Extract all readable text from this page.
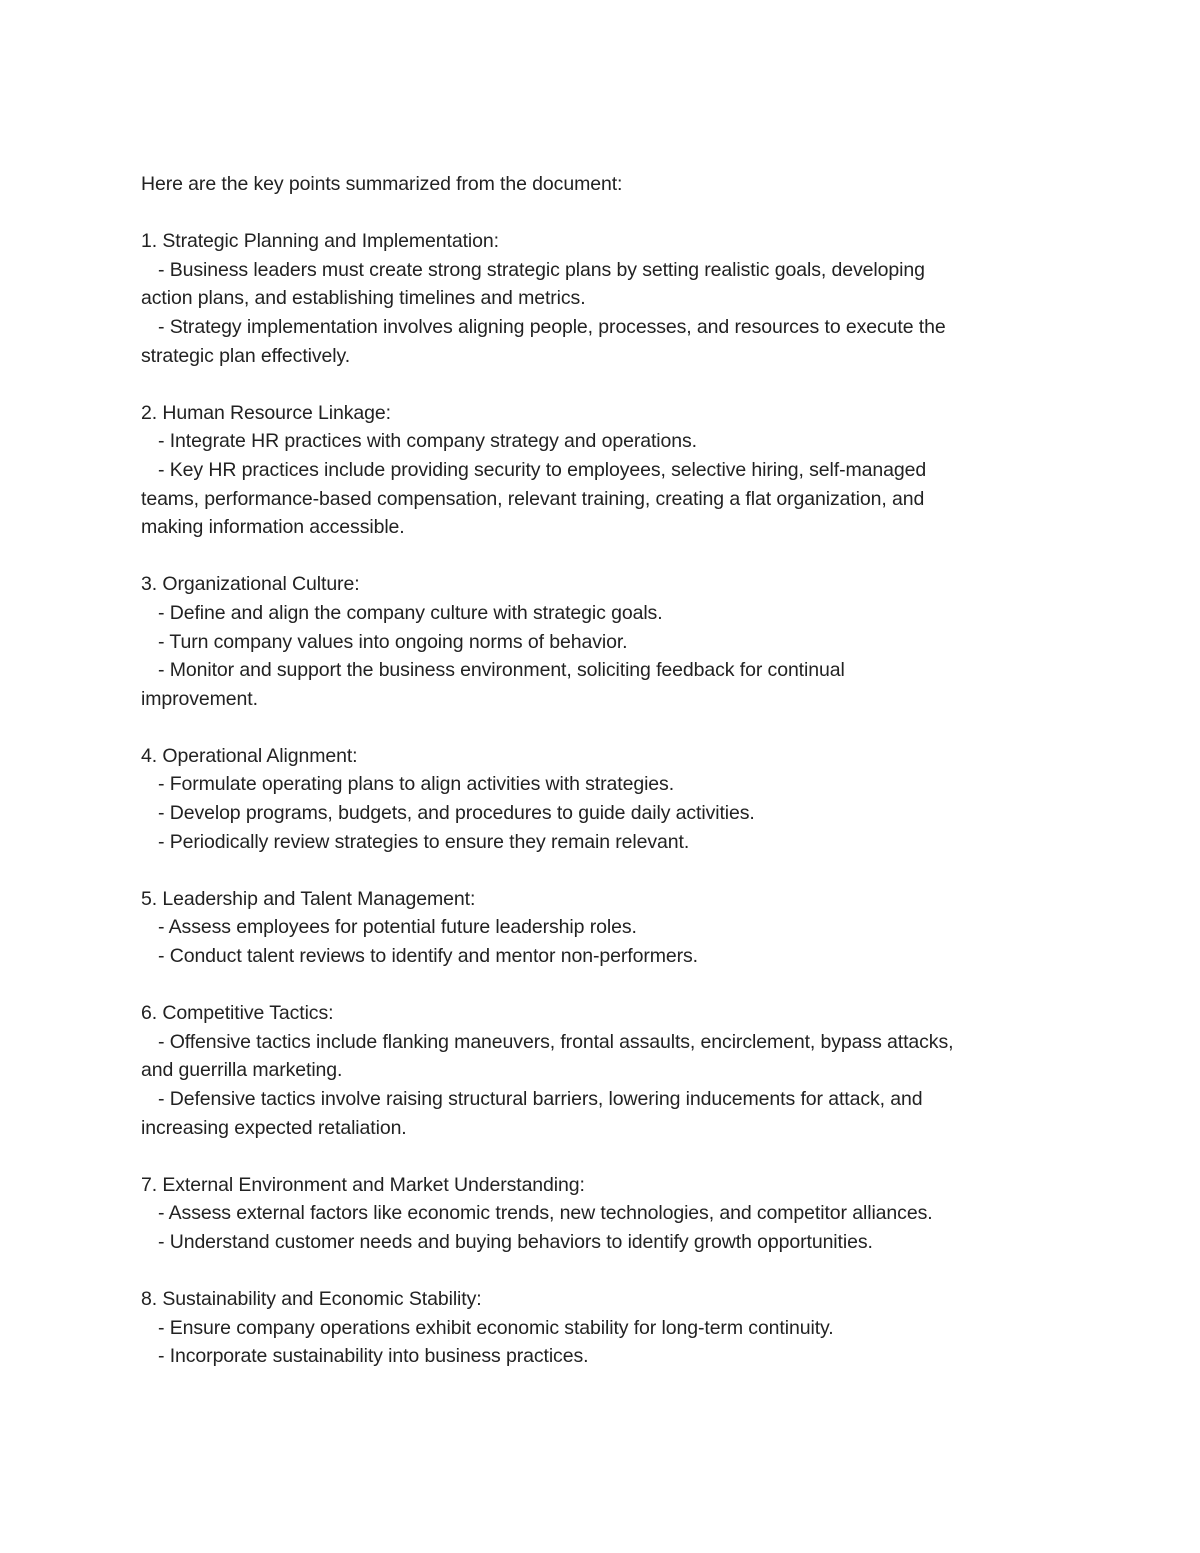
Here are the key points summarized from the document:
1. Strategic Planning and Implementation:
- Business leaders must create strong strategic plans by setting realistic goals, developing
action plans, and establishing timelines and metrics.
- Strategy implementation involves aligning people, processes, and resources to execute the
strategic plan effectively.
2. Human Resource Linkage:
- Integrate HR practices with company strategy and operations.
- Key HR practices include providing security to employees, selective hiring, self-managed
teams, performance-based compensation, relevant training, creating a flat organization, and
making information accessible.
3. Organizational Culture:
- Define and align the company culture with strategic goals.
- Turn company values into ongoing norms of behavior.
- Monitor and support the business environment, soliciting feedback for continual
improvement.
4. Operational Alignment:
- Formulate operating plans to align activities with strategies.
- Develop programs, budgets, and procedures to guide daily activities.
- Periodically review strategies to ensure they remain relevant.
5. Leadership and Talent Management:
- Assess employees for potential future leadership roles.
- Conduct talent reviews to identify and mentor non-performers.
6. Competitive Tactics:
- Offensive tactics include flanking maneuvers, frontal assaults, encirclement, bypass attacks,
and guerrilla marketing.
- Defensive tactics involve raising structural barriers, lowering inducements for attack, and
increasing expected retaliation.
7. External Environment and Market Understanding:
- Assess external factors like economic trends, new technologies, and competitor alliances.
- Understand customer needs and buying behaviors to identify growth opportunities.
8. Sustainability and Economic Stability:
- Ensure company operations exhibit economic stability for long-term continuity.
- Incorporate sustainability into business practices.
